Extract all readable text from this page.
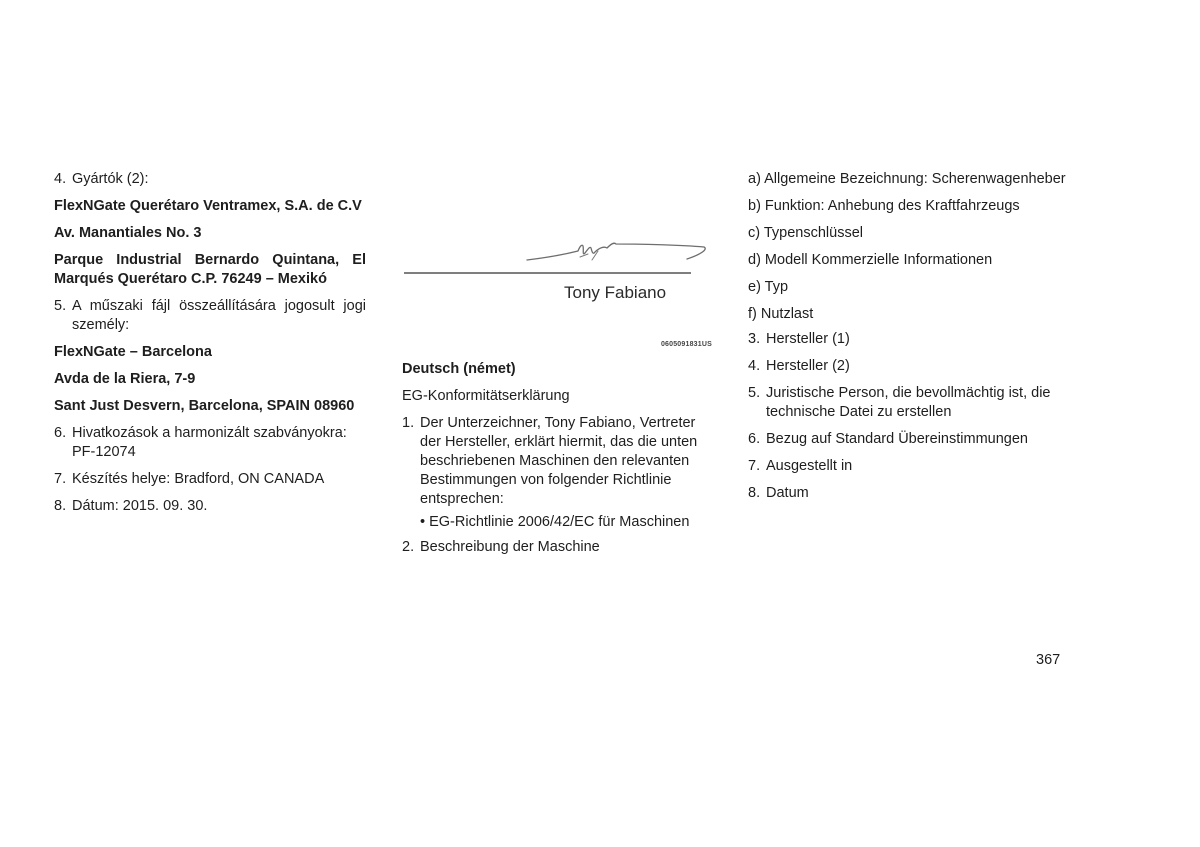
4. Gyártók (2):

FlexNGate Querétaro Ventramex, S.A. de C.V

Av. Manantiales No. 3

Parque Industrial Bernardo Quintana, El Marqués Querétaro C.P. 76249 – Mexikó

5. A műszaki fájl összeállítására jogosult jogi személy:

FlexNGate – Barcelona

Avda de la Riera, 7-9

Sant Just Desvern, Barcelona, SPAIN 08960

6. Hivatkozások a harmonizált szabványokra: PF-12074
7. Készítés helye: Bradford, ON CANADA
8. Dátum: 2015. 09. 30.
Tony Fabiano
0605091831US

Deutsch (német)

EG-Konformitätserklärung

1. Der Unterzeichner, Tony Fabiano, Vertreter der Hersteller, erklärt hiermit, das die unten beschriebenen Maschinen den relevanten Bestimmungen von folgender Richtlinie entsprechen:
• EG-Richtlinie 2006/42/EC für Maschinen
2. Beschreibung der Maschine

a) Allgemeine Bezeichnung: Scherenwagenheber

b) Funktion: Anhebung des Kraftfahrzeugs

c) Typenschlüssel

d) Modell Kommerzielle Informationen

e) Typ

f) Nutzlast

3. Hersteller (1)
4. Hersteller (2)
5. Juristische Person, die bevollmächtig ist, die technische Datei zu erstellen
6. Bezug auf Standard Übereinstimmungen
7. Ausgestellt in
8. Datum
367
